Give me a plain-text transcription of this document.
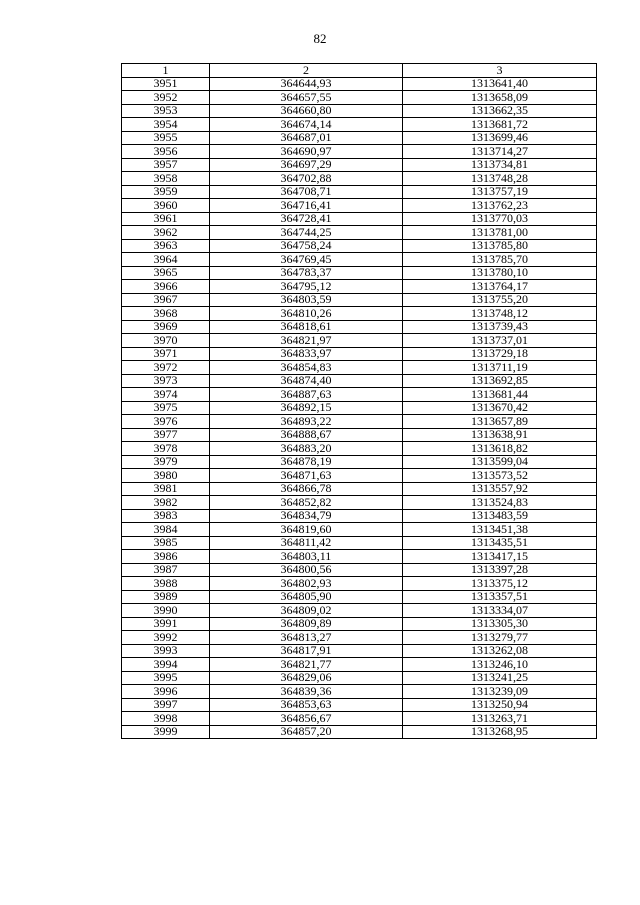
82
1	2	3
3951	364644,93	1313641,40
3952	364657,55	1313658,09
3953	364660,80	1313662,35
3954	364674,14	1313681,72
3955	364687,01	1313699,46
3956	364690,97	1313714,27
3957	364697,29	1313734,81
3958	364702,88	1313748,28
3959	364708,71	1313757,19
3960	364716,41	1313762,23
3961	364728,41	1313770,03
3962	364744,25	1313781,00
3963	364758,24	1313785,80
3964	364769,45	1313785,70
3965	364783,37	1313780,10
3966	364795,12	1313764,17
3967	364803,59	1313755,20
3968	364810,26	1313748,12
3969	364818,61	1313739,43
3970	364821,97	1313737,01
3971	364833,97	1313729,18
3972	364854,83	1313711,19
3973	364874,40	1313692,85
3974	364887,63	1313681,44
3975	364892,15	1313670,42
3976	364893,22	1313657,89
3977	364888,67	1313638,91
3978	364883,20	1313618,82
3979	364878,19	1313599,04
3980	364871,63	1313573,52
3981	364866,78	1313557,92
3982	364852,82	1313524,83
3983	364834,79	1313483,59
3984	364819,60	1313451,38
3985	364811,42	1313435,51
3986	364803,11	1313417,15
3987	364800,56	1313397,28
3988	364802,93	1313375,12
3989	364805,90	1313357,51
3990	364809,02	1313334,07
3991	364809,89	1313305,30
3992	364813,27	1313279,77
3993	364817,91	1313262,08
3994	364821,77	1313246,10
3995	364829,06	1313241,25
3996	364839,36	1313239,09
3997	364853,63	1313250,94
3998	364856,67	1313263,71
3999	364857,20	1313268,95
